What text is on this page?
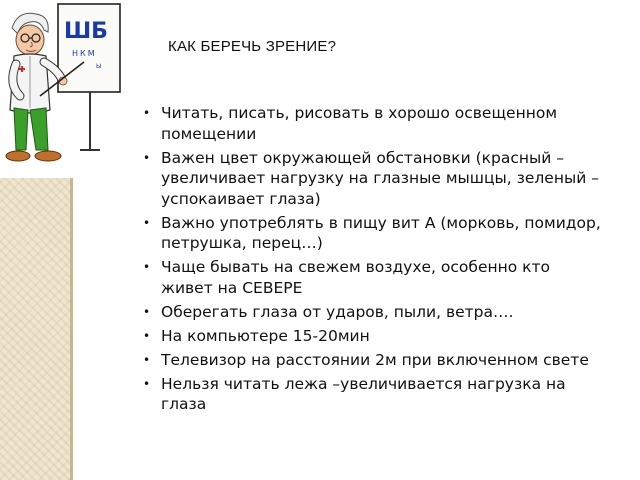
ШБ
НКМ
Ы
КАК БЕРЕЧЬ ЗРЕНИЕ?
• Читать, писать, рисовать в хорошо освещенном
помещении
• Важен цвет окружающей обстановки (красный –
увеличивает нагрузку на глазные мышцы, зеленый –
успокаивает глаза)
• Важно употреблять в пищу вит А (морковь, помидор,
петрушка, перец…)
• Чаще бывать на свежем воздухе, особенно кто
живет на СЕВЕРЕ
• Оберегать глаза от ударов, пыли, ветра….
• На компьютере 15-20мин
• Телевизор на расстоянии 2м при включенном свете
• Нельзя читать лежа –увеличивается нагрузка на
глаза
